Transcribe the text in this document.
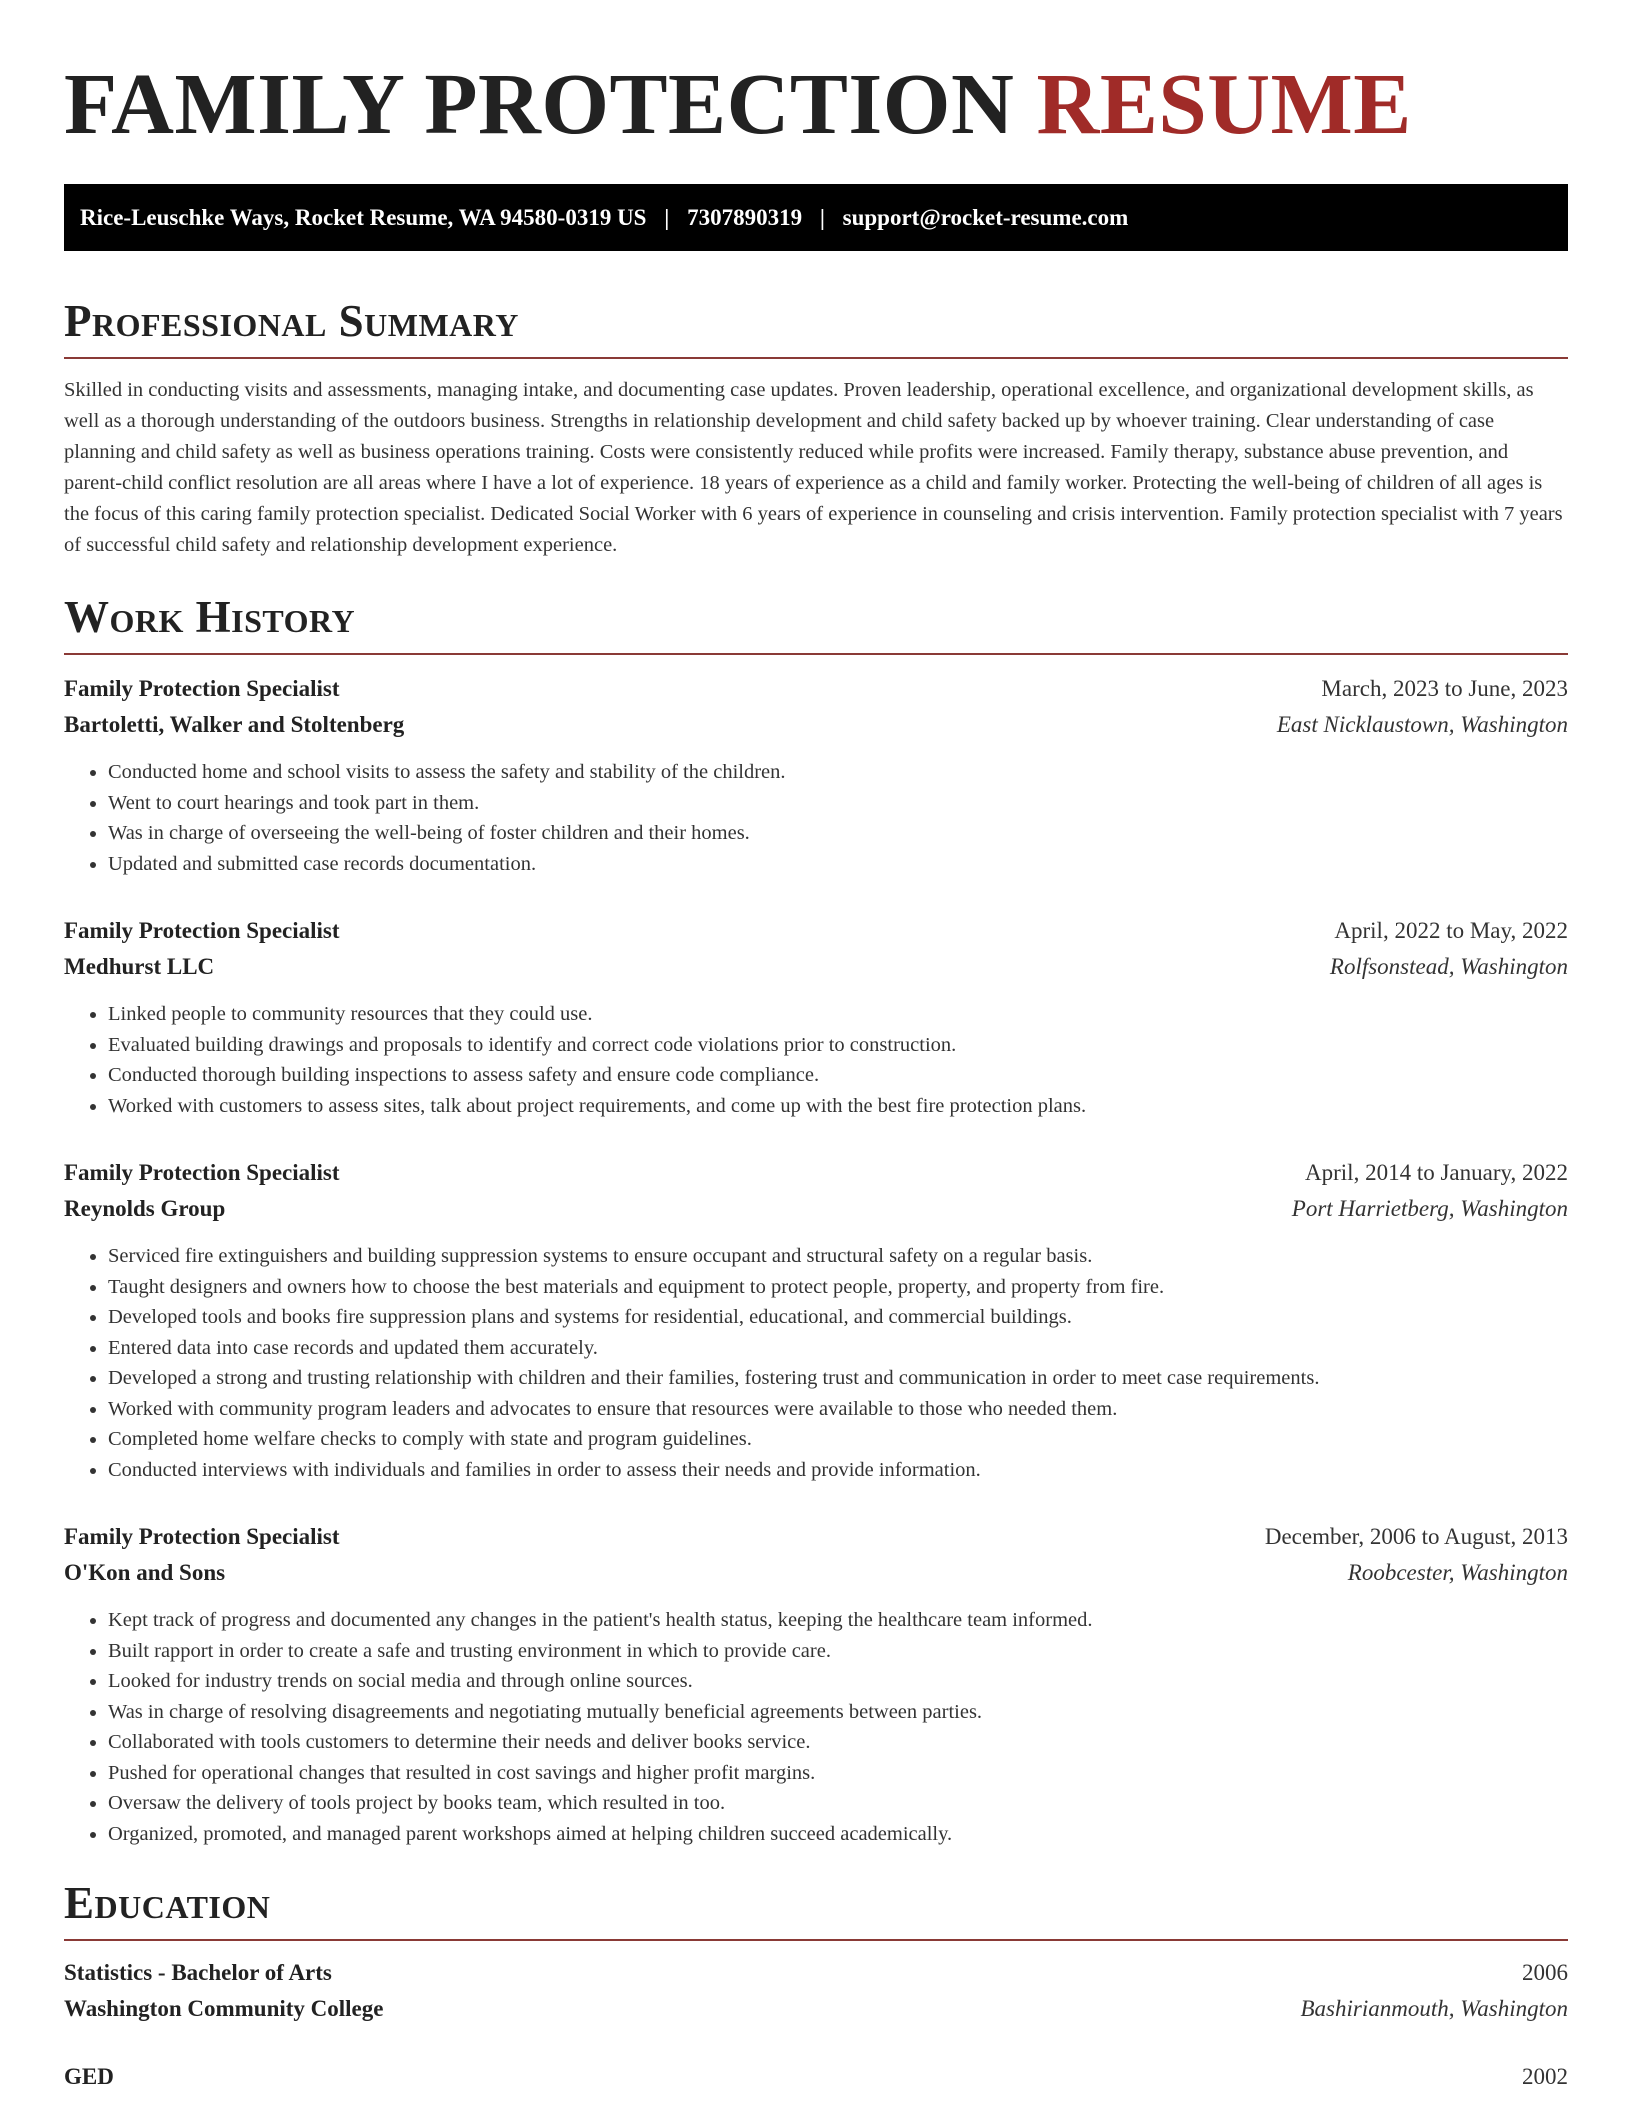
FAMILY PROTECTION RESUME
Rice-Leuschke Ways, Rocket Resume, WA 94580-0319 US | 7307890319 | support@rocket-resume.com
Professional Summary

Skilled in conducting visits and assessments, managing intake, and documenting case updates. Proven leadership, operational excellence, and organizational development skills, as well as a thorough understanding of the outdoors business. Strengths in relationship development and child safety backed up by whoever training. Clear understanding of case planning and child safety as well as business operations training. Costs were consistently reduced while profits were increased. Family therapy, substance abuse prevention, and parent-child conflict resolution are all areas where I have a lot of experience. 18 years of experience as a child and family worker. Protecting the well-being of children of all ages is the focus of this caring family protection specialist. Dedicated Social Worker with 6 years of experience in counseling and crisis intervention. Family protection specialist with 7 years of successful child safety and relationship development experience.

Work History
Family Protection Specialist	March, 2023 to June, 2023
Bartoletti, Walker and Stoltenberg	East Nicklaustown, Washington
• Conducted home and school visits to assess the safety and stability of the children.
• Went to court hearings and took part in them.
• Was in charge of overseeing the well-being of foster children and their homes.
• Updated and submitted case records documentation.
Family Protection Specialist	April, 2022 to May, 2022
Medhurst LLC	Rolfsonstead, Washington
• Linked people to community resources that they could use.
• Evaluated building drawings and proposals to identify and correct code violations prior to construction.
• Conducted thorough building inspections to assess safety and ensure code compliance.
• Worked with customers to assess sites, talk about project requirements, and come up with the best fire protection plans.
Family Protection Specialist	April, 2014 to January, 2022
Reynolds Group	Port Harrietberg, Washington
• Serviced fire extinguishers and building suppression systems to ensure occupant and structural safety on a regular basis.
• Taught designers and owners how to choose the best materials and equipment to protect people, property, and property from fire.
• Developed tools and books fire suppression plans and systems for residential, educational, and commercial buildings.
• Entered data into case records and updated them accurately.
• Developed a strong and trusting relationship with children and their families, fostering trust and communication in order to meet case requirements.
• Worked with community program leaders and advocates to ensure that resources were available to those who needed them.
• Completed home welfare checks to comply with state and program guidelines.
• Conducted interviews with individuals and families in order to assess their needs and provide information.
Family Protection Specialist	December, 2006 to August, 2013
O'Kon and Sons	Roobcester, Washington
• Kept track of progress and documented any changes in the patient's health status, keeping the healthcare team informed.
• Built rapport in order to create a safe and trusting environment in which to provide care.
• Looked for industry trends on social media and through online sources.
• Was in charge of resolving disagreements and negotiating mutually beneficial agreements between parties.
• Collaborated with tools customers to determine their needs and deliver books service.
• Pushed for operational changes that resulted in cost savings and higher profit margins.
• Oversaw the delivery of tools project by books team, which resulted in too.
• Organized, promoted, and managed parent workshops aimed at helping children succeed academically.
Education
Statistics - Bachelor of Arts	2006
Washington Community College	Bashirianmouth, Washington
GED	2002
